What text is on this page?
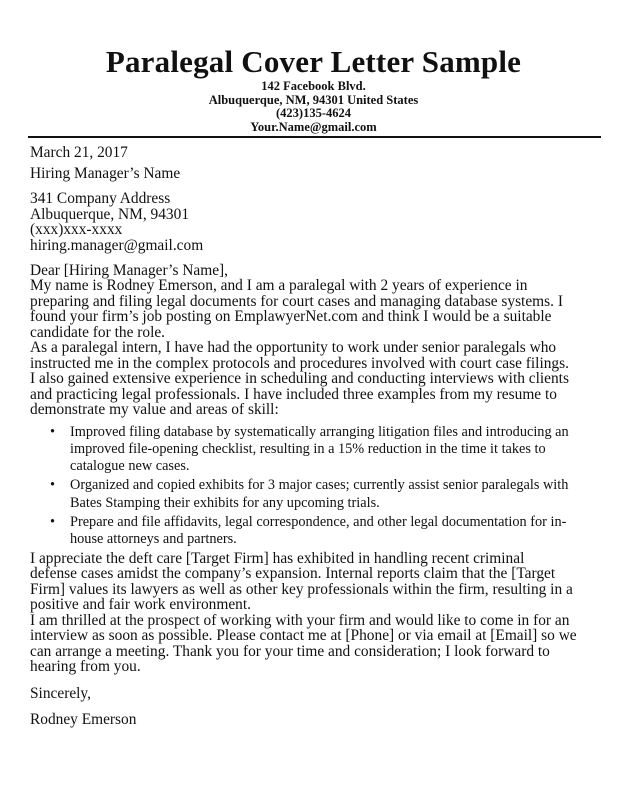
Paralegal Cover Letter Sample
142 Facebook Blvd.
Albuquerque, NM, 94301 United States
(423)135-4624
Your.Name@gmail.com
March 21, 2017
Hiring Manager’s Name
341 Company Address
Albuquerque, NM, 94301
(xxx)xxx-xxxx
hiring.manager@gmail.com
Dear [Hiring Manager’s Name],
My name is Rodney Emerson, and I am a paralegal with 2 years of experience in
preparing and filing legal documents for court cases and managing database systems. I
found your firm’s job posting on EmplawyerNet.com and think I would be a suitable
candidate for the role.
As a paralegal intern, I have had the opportunity to work under senior paralegals who
instructed me in the complex protocols and procedures involved with court case filings.
I also gained extensive experience in scheduling and conducting interviews with clients
and practicing legal professionals. I have included three examples from my resume to
demonstrate my value and areas of skill:
• Improved filing database by systematically arranging litigation files and introducing an
improved file-opening checklist, resulting in a 15% reduction in the time it takes to
catalogue new cases.
• Organized and copied exhibits for 3 major cases; currently assist senior paralegals with
Bates Stamping their exhibits for any upcoming trials.
• Prepare and file affidavits, legal correspondence, and other legal documentation for in-
house attorneys and partners.
I appreciate the deft care [Target Firm] has exhibited in handling recent criminal
defense cases amidst the company’s expansion. Internal reports claim that the [Target
Firm] values its lawyers as well as other key professionals within the firm, resulting in a
positive and fair work environment.
I am thrilled at the prospect of working with your firm and would like to come in for an
interview as soon as possible. Please contact me at [Phone] or via email at [Email] so we
can arrange a meeting. Thank you for your time and consideration; I look forward to
hearing from you.
Sincerely,
Rodney Emerson
